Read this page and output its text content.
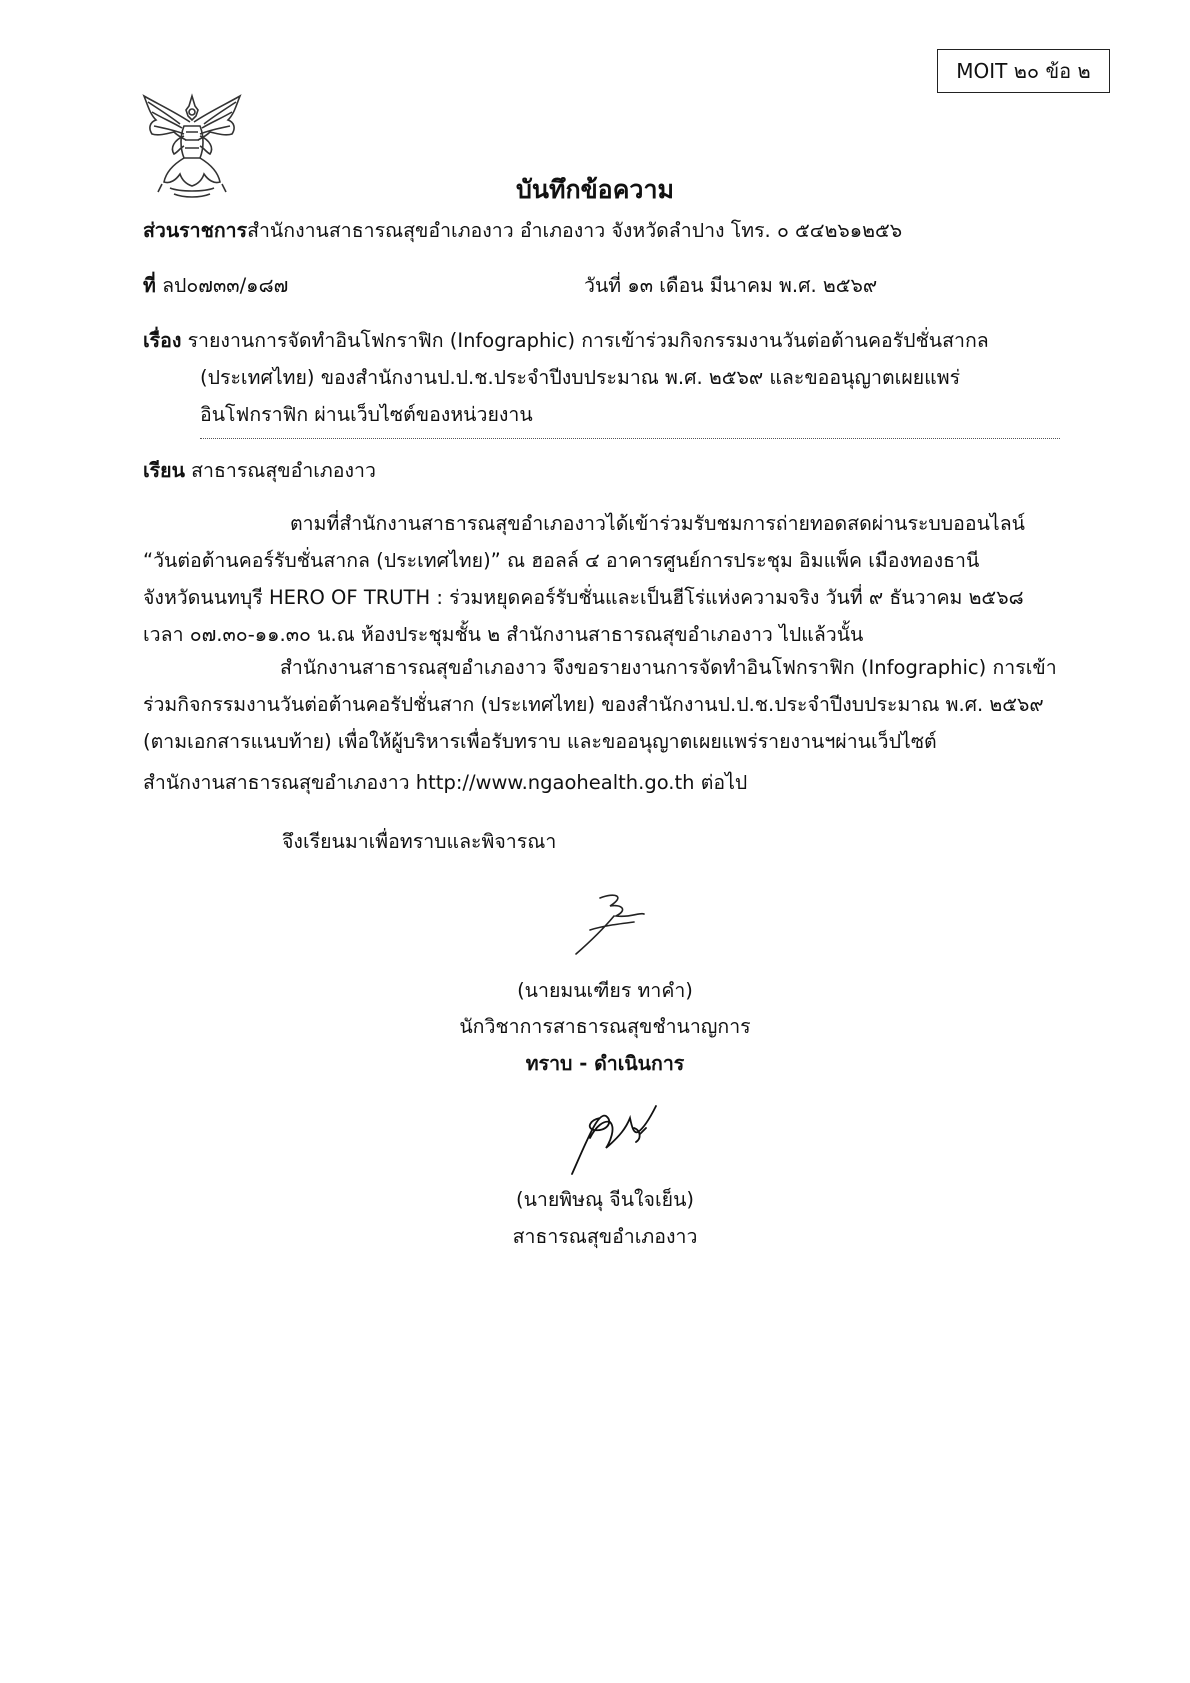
MOIT ๒๐ ข้อ ๒
บันทึกข้อความ
ส่วนราชการสำนักงานสาธารณสุขอำเภองาว อำเภองาว จังหวัดลำปาง โทร. ๐ ๕๔๒๖๑๒๕๖
ที่ ลป๐๗๓๓/๑๘๗	วันที่ ๑๓ เดือน มีนาคม พ.ศ. ๒๕๖๙
เรื่อง รายงานการจัดทำอินโฟกราฟิก (Infographic) การเข้าร่วมกิจกรรมงานวันต่อต้านคอรัปชั่นสากล
(ประเทศไทย) ของสำนักงานป.ป.ช.ประจำปีงบประมาณ พ.ศ. ๒๕๖๙ และขออนุญาตเผยแพร่
อินโฟกราฟิก ผ่านเว็บไซต์ของหน่วยงาน
เรียน สาธารณสุขอำเภองาว
ตามที่สำนักงานสาธารณสุขอำเภองาวได้เข้าร่วมรับชมการถ่ายทอดสดผ่านระบบออนไลน์
“วันต่อต้านคอร์รับชั่นสากล (ประเทศไทย)” ณ ฮอลล์ ๔ อาคารศูนย์การประชุม อิมแพ็ค เมืองทองธานี
จังหวัดนนทบุรี HERO OF TRUTH : ร่วมหยุดคอร์รับชั่นและเป็นฮีโร่แห่งความจริง วันที่ ๙ ธันวาคม ๒๕๖๘
เวลา ๐๗.๓๐-๑๑.๓๐ น.ณ ห้องประชุมชั้น ๒ สำนักงานสาธารณสุขอำเภองาว ไปแล้วนั้น
สำนักงานสาธารณสุขอำเภองาว จึงขอรายงานการจัดทำอินโฟกราฟิก (Infographic) การเข้า
ร่วมกิจกรรมงานวันต่อต้านคอรัปชั่นสาก (ประเทศไทย) ของสำนักงานป.ป.ช.ประจำปีงบประมาณ พ.ศ. ๒๕๖๙
(ตามเอกสารแนบท้าย) เพื่อให้ผู้บริหารเพื่อรับทราบ และขออนุญาตเผยแพร่รายงานฯผ่านเว็ปไซต์
สำนักงานสาธารณสุขอำเภองาว http://www.ngaohealth.go.th ต่อไป
จึงเรียนมาเพื่อทราบและพิจารณา
(นายมนเฑียร ทาคำ)
นักวิชาการสาธารณสุขชำนาญการ
ทราบ - ดำเนินการ
(นายพิษณุ จีนใจเย็น)
สาธารณสุขอำเภองาว
